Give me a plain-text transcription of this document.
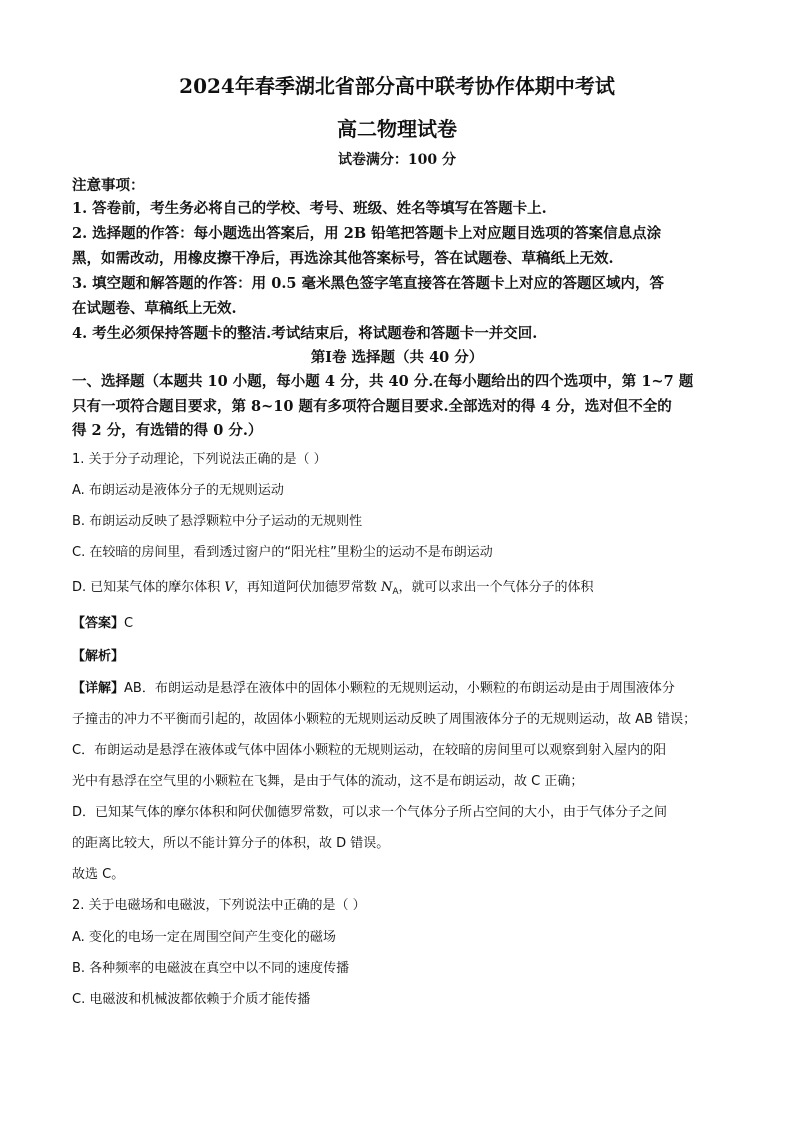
2024年春季湖北省部分高中联考协作体期中考试
高二物理试卷
试卷满分：100 分
注意事项：
1. 答卷前，考生务必将自己的学校、考号、班级、姓名等填写在答题卡上.
2. 选择题的作答：每小题选出答案后，用 2B 铅笔把答题卡上对应题目选项的答案信息点涂
黑，如需改动，用橡皮擦干净后，再选涂其他答案标号，答在试题卷、草稿纸上无效.
3. 填空题和解答题的作答：用 0.5 毫米黑色签字笔直接答在答题卡上对应的答题区域内，答
在试题卷、草稿纸上无效.
4. 考生必须保持答题卡的整洁.考试结束后，将试题卷和答题卡一并交回.
第Ⅰ卷 选择题（共 40 分）
一、选择题（本题共 10 小题，每小题 4 分，共 40 分.在每小题给出的四个选项中，第 1~7 题
只有一项符合题目要求，第 8~10 题有多项符合题目要求.全部选对的得 4 分，选对但不全的
得 2 分，有选错的得 0 分.）
1. 关于分子动理论，下列说法正确的是（ ）
A. 布朗运动是液体分子的无规则运动
B. 布朗运动反映了悬浮颗粒中分子运动的无规则性
C. 在较暗的房间里，看到透过窗户的“阳光柱”里粉尘的运动不是布朗运动
D. 已知某气体的摩尔体积 V，再知道阿伏加德罗常数 $N_A$，就可以求出一个气体分子的体积
【答案】C
【解析】
【详解】AB．布朗运动是悬浮在液体中的固体小颗粒的无规则运动，小颗粒的布朗运动是由于周围液体分
子撞击的冲力不平衡而引起的，故固体小颗粒的无规则运动反映了周围液体分子的无规则运动，故 AB 错误；
C．布朗运动是悬浮在液体或气体中固体小颗粒的无规则运动，在较暗的房间里可以观察到射入屋内的阳
光中有悬浮在空气里的小颗粒在飞舞，是由于气体的流动，这不是布朗运动，故 C 正确；
D．已知某气体的摩尔体积和阿伏伽德罗常数，可以求一个气体分子所占空间的大小，由于气体分子之间
的距离比较大，所以不能计算分子的体积，故 D 错误。
故选 C。
2. 关于电磁场和电磁波，下列说法中正确的是（ ）
A. 变化的电场一定在周围空间产生变化的磁场
B. 各种频率的电磁波在真空中以不同的速度传播
C. 电磁波和机械波都依赖于介质才能传播
